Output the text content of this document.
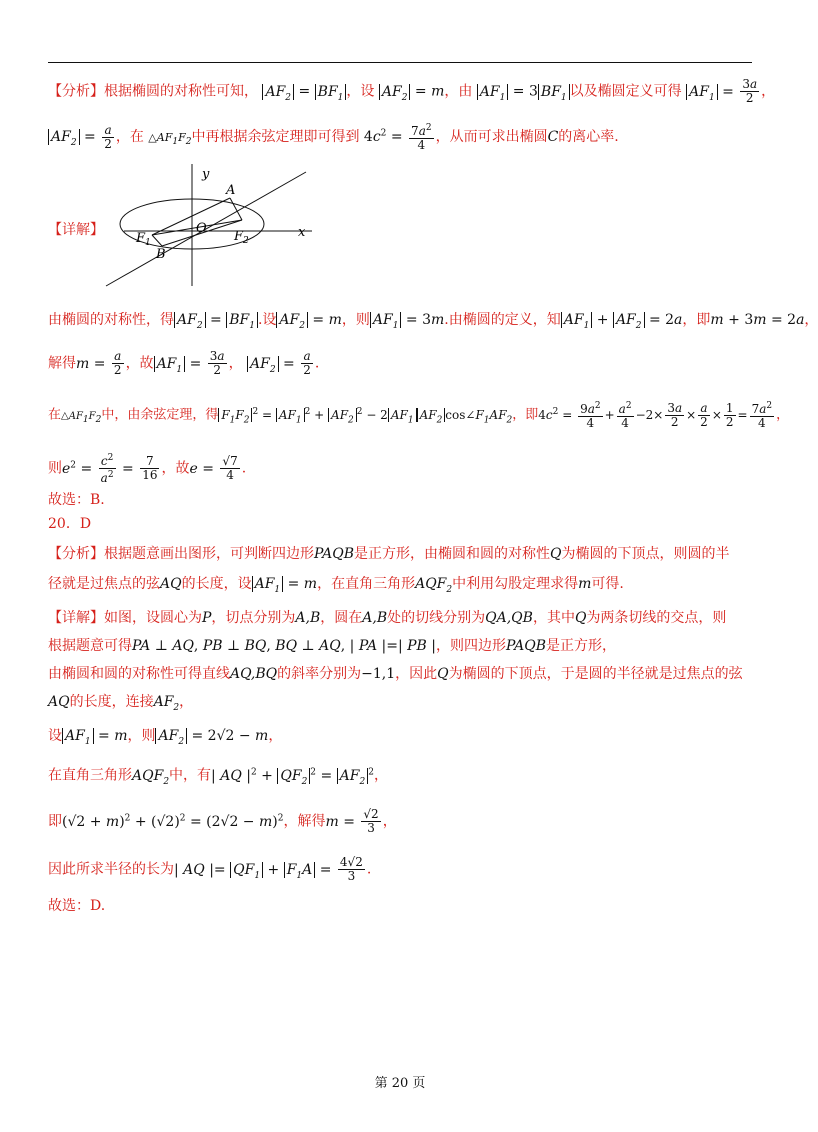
【分析】根据椭圆的对称性可知， $AF_2 = BF_1$ ，设 $AF_2 = m$，由 $AF_1 = 3$ $BF_1$ 以及椭圆定义可得 $AF_1 = \frac{3a}{2}$ ，
$AF_2 = \frac{a}{2}$ ，在 $\triangle AF_1F_2$中再根据余弦定理即可得到 $4c^2 = \frac{7a^2}{4}$ ，从而可求出椭圆C的离心率.
【详解】
y
x
A
B
O
$F_1$	$F_2$
由椭圆的对称性，得 $AF_2 = BF_1$ .设 $AF_2 = m$，则 $AF_1 = 3m$.由椭圆的定义，知 $AF_1 + AF_2 = 2a$，即m + 3m = 2a，
解得$m = \frac{a}{2}$ ，故 $AF_1 = \frac{3a}{2}$ ， $AF_2 = \frac{a}{2}$ .
在$\triangle AF_1F_2$中，由余弦定理，得 $F_1F_2^2 = AF_1^2 + AF_2^2 - 2$ $AF_1$ $AF_2$ $\cos\angle F_1AF_2$，即$4c^2 = \frac{9a^2}{4} + \frac{a^2}{4} -2\times \frac{3a}{2} \times \frac{a}{2} \times \frac{1}{2} = \frac{7a^2}{4}$ ，
则$e^2 = \frac{c^2}{a^2} = \frac{7}{16}$ ，故$e = \frac{√7}{4}$ .
故选：B.
20．D
【分析】根据题意画出图形，可判断四边形PAQB是正方形，由椭圆和圆的对称性Q为椭圆的下顶点，则圆的半
径就是过焦点的弦AQ的长度，设 $AF_1 = m$，在直角三角形$AQF_2$中利用勾股定理求得m可得.
【详解】如图，设圆心为P，切点分别为A,B，圆在A,B处的切线分别为QA,QB，其中Q为两条切线的交点，则
根据题意可得PA ⊥ AQ, PB ⊥ BQ, BQ ⊥ AQ, | PA |=| PB |，则四边形PAQB是正方形，
由椭圆和圆的对称性可得直线AQ,BQ的斜率分别为−1,1，因此Q为椭圆的下顶点，于是圆的半径就是过焦点的弦
AQ的长度，连接$AF_2$，
设 $AF_1 = m$，则 $AF_2 = 2√2 - m$，
在直角三角形$AQF_2$中，有| AQ $|^2 + QF_2^2 = AF_2^2$，
即$(√2 + m)^2 + (√2)^2 = (2√2 - m)^2$，解得$m = \frac{√2}{3}$ ，
因此所求半径的长为| AQ |= $QF_1 + F_1A = \frac{4√2}{3}$ .
故选：D.
第 20 页
